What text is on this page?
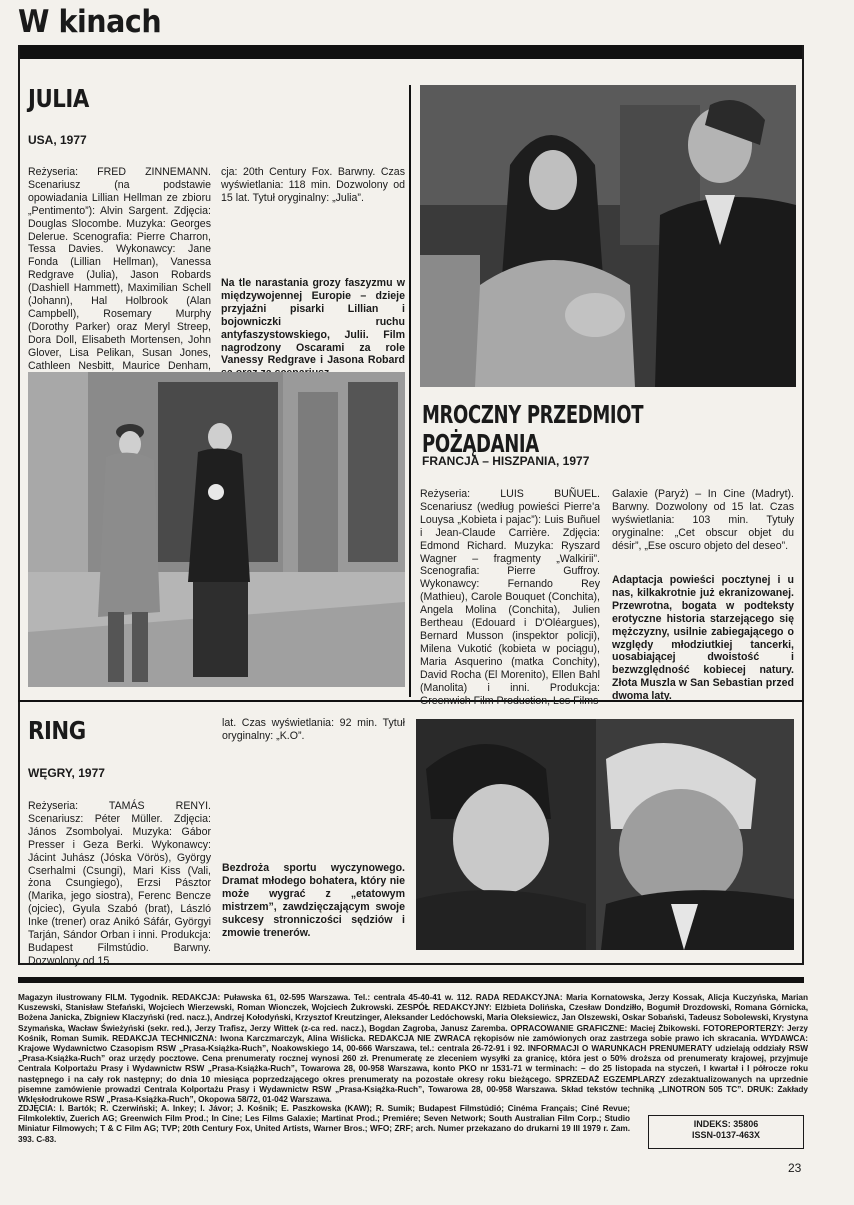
W kinach
JULIA
USA, 1977
Reżyseria: FRED ZINNEMANN. Scenariusz (na podstawie opowiadania Lillian Hellman ze zbioru „Pentimento”): Alvin Sargent. Zdjęcia: Douglas Slocombe. Muzyka: Georges Delerue. Scenografia: Pierre Charron, Tessa Davies. Wykonawcy: Jane Fonda (Lillian Hellman), Vanessa Redgrave (Julia), Jason Robards (Dashiell Hammett), Maximilian Schell (Johann), Hal Holbrook (Alan Campbell), Rosemary Murphy (Dorothy Parker) oraz Meryl Streep, Dora Doll, Elisabeth Mortensen, John Glover, Lisa Pelikan, Susan Jones, Cathleen Nesbitt, Maurice Denham,
cja: 20th Century Fox. Barwny. Czas wyświetlania: 118 min. Dozwolony od 15 lat. Tytuł oryginalny: „Julia”.
Na tle narastania grozy faszyzmu w międzywojennej Europie – dzieje przyjaźni pisarki Lillian i bojowniczki ruchu antyfaszystowskiego, Julii. Film nagrodzony Oscarami za role Vanessy Redgrave i Jasona Robard
MROCZNY PRZEDMIOT POŻĄDANIA
FRANCJA – HISZPANIA, 1977
Reżyseria: LUIS BUÑUEL. Scenariusz (według powieści Pierre'a Louysa „Kobieta i pajac”): Luis Buñuel i Jean-Claude Carrière. Zdjęcia: Edmond Richard. Muzyka: Ryszard Wagner – fragmenty „Walkirii”. Scenografia: Pierre Guffroy. Wykonawcy: Fernando Rey (Mathieu), Carole Bouquet (Conchita), Angela Molina (Conchita), Julien Bertheau (Edouard i D'Oléargues), Bernard Musson (inspektor policji), Milena Vukotić (kobieta w pociągu), Maria Asquerino (matka Conchity), David Rocha (El Morenito), Ellen Bahl (Manolita) i inni. Produkcja: Greenwich Film Production, Les Films
Galaxie (Paryż) – In Cine (Madryt). Barwny. Dozwolony od 15 lat. Czas wyświetlania: 103 min. Tytuły oryginalne: „Cet obscur objet du désir”, „Ese oscuro objeto del deseo”.
Adaptacja powieści pocztynej i u nas, kilkakrotnie już ekranizowanej. Przewrotna, bogata w podteksty erotyczne historia starzejącego się mężczyzny, usilnie zabiegającego o względy młodziutkiej tancerki, uosabiającej dwoistość i bezwzględność kobiecej natury. Złota Muszla w San Sebastian przed dwoma laty.
RING
WĘGRY, 1977
Reżyseria: TAMÁS RENYI. Scenariusz: Péter Müller. Zdjęcia: János Zsombolyai. Muzyka: Gábor Presser i Geza Berki. Wykonawcy: Jácint Juhász (Jóska Vörös), György Cserhalmi (Csungi), Mari Kiss (Vali, żona Csungiego), Erzsi Pásztor (Marika, jego siostra), Ferenc Bencze (ojciec), Gyula Szabó (brat), László Inke (trener) oraz Anikó Sáfár, Györgyi Tarján, Sándor Orban i inni. Produkcja: Budapest Filmstúdio. Barwny. Dozwolony od 15
lat. Czas wyświetlania: 92 min. Tytuł oryginalny: „K.O”.
Bezdroża sportu wyczynowego. Dramat młodego bohatera, który nie może wygrać z „etatowym mistrzem”, zawdzięczającym swoje sukcesy stronniczości sędziów i zmowie trenerów.
Magazyn ilustrowany FILM. Tygodnik. REDAKCJA: Puławska 61, 02-595 Warszawa. Tel.: centrala 45-40-41 w. 112. RADA REDAKCYJNA: Maria Kornatowska, Jerzy Kossak, Alicja Kuczyńska, Marian Kuszewski, Stanisław Stefański, Wojciech Wierzewski, Roman Wionczek, Wojciech Żukrowski. ZESPÓŁ REDAKCYJNY: Elżbieta Dolińska, Czesław Dondziłło, Bogumił Drozdowski, Romana Górnicka, Bożena Janicka, Zbigniew Klaczyński (red. nacz.), Andrzej Kołodyński, Krzysztof Kreutzinger, Aleksander Ledóchowski, Maria Oleksiewicz, Jan Olszewski, Oskar Sobański, Tadeusz Sobolewski, Krystyna Szymańska, Wacław Świeżyński (sekr. red.), Jerzy Trafisz, Jerzy Wittek (z-ca red. nacz.), Bogdan Zagroba, Janusz Zaremba. OPRACOWANIE GRAFICZNE: Maciej Żbikowski. FOTOREPORTERZY: Jerzy Kośnik, Roman Sumik. REDAKCJA TECHNICZNA: Iwona Karczmarczyk, Alina Wiślicka. REDAKCJA NIE ZWRACA rękopisów nie zamówionych oraz zastrzega sobie prawo ich skracania. WYDAWCA: Krajowe Wydawnictwo Czasopism RSW „Prasa-Książka-Ruch”, Noakowskiego 14, 00-666 Warszawa, tel.: centrala 26-72-91 i 92. INFORMACJI O WARUNKACH PRENUMERATY udzielają oddziały RSW „Prasa-Książka-Ruch” oraz urzędy pocztowe. Cena prenumeraty rocznej wynosi 260 zł. Prenumeratę ze zleceniem wysyłki za granicę, która jest o 50% droższa od prenumeraty krajowej, przyjmuje Centrala Kolportażu Prasy i Wydawnictw RSW „Prasa-Książka-Ruch”, Towarowa 28, 00-958 Warszawa, konto PKO nr 1531-71 w terminach: – do 25 listopada na styczeń, I kwartał i I półrocze roku następnego i na cały rok następny; do dnia 10 miesiąca poprzedzającego okres prenumeraty na pozostałe okresy roku bieżącego. SPRZEDAŻ EGZEMPLARZY zdezaktualizowanych na uprzednie pisemne zamówienie prowadzi Centrala Kolportażu Prasy i Wydawnictw RSW „Prasa-Książka-Ruch”, Towarowa 28, 00-958 Warszawa. Skład tekstów techniką „LINOTRON 505 TC”. DRUK: Zakłady Wklęsłodrukowe RSW „Prasa-Książka-Ruch”, Okopowa 58/72, 01-042 Warszawa.
ZDJĘCIA: I. Bartók; R. Czerwiński; A. Inkey; I. Jávor; J. Kośnik; E. Paszkowska (KAW); R. Sumik; Budapest Filmstúdió; Cinéma Français; Ciné Revue; Filmkolektiv, Zuerich AG; Greenwich Film Prod.; In Cine; Les Films Galaxie; Martinat Prod.; Premiére; Seven Network; South Australian Film Corp.; Studio Miniatur Filmowych; T & C Film AG; TVP; 20th Century Fox, United Artists, Warner Bros.; WFO; ZRF; arch. Numer przekazano do drukarni 19 III 1979 r. Zam. 393. C-83.
INDEKS: 35806
ISSN-0137-463X
23
